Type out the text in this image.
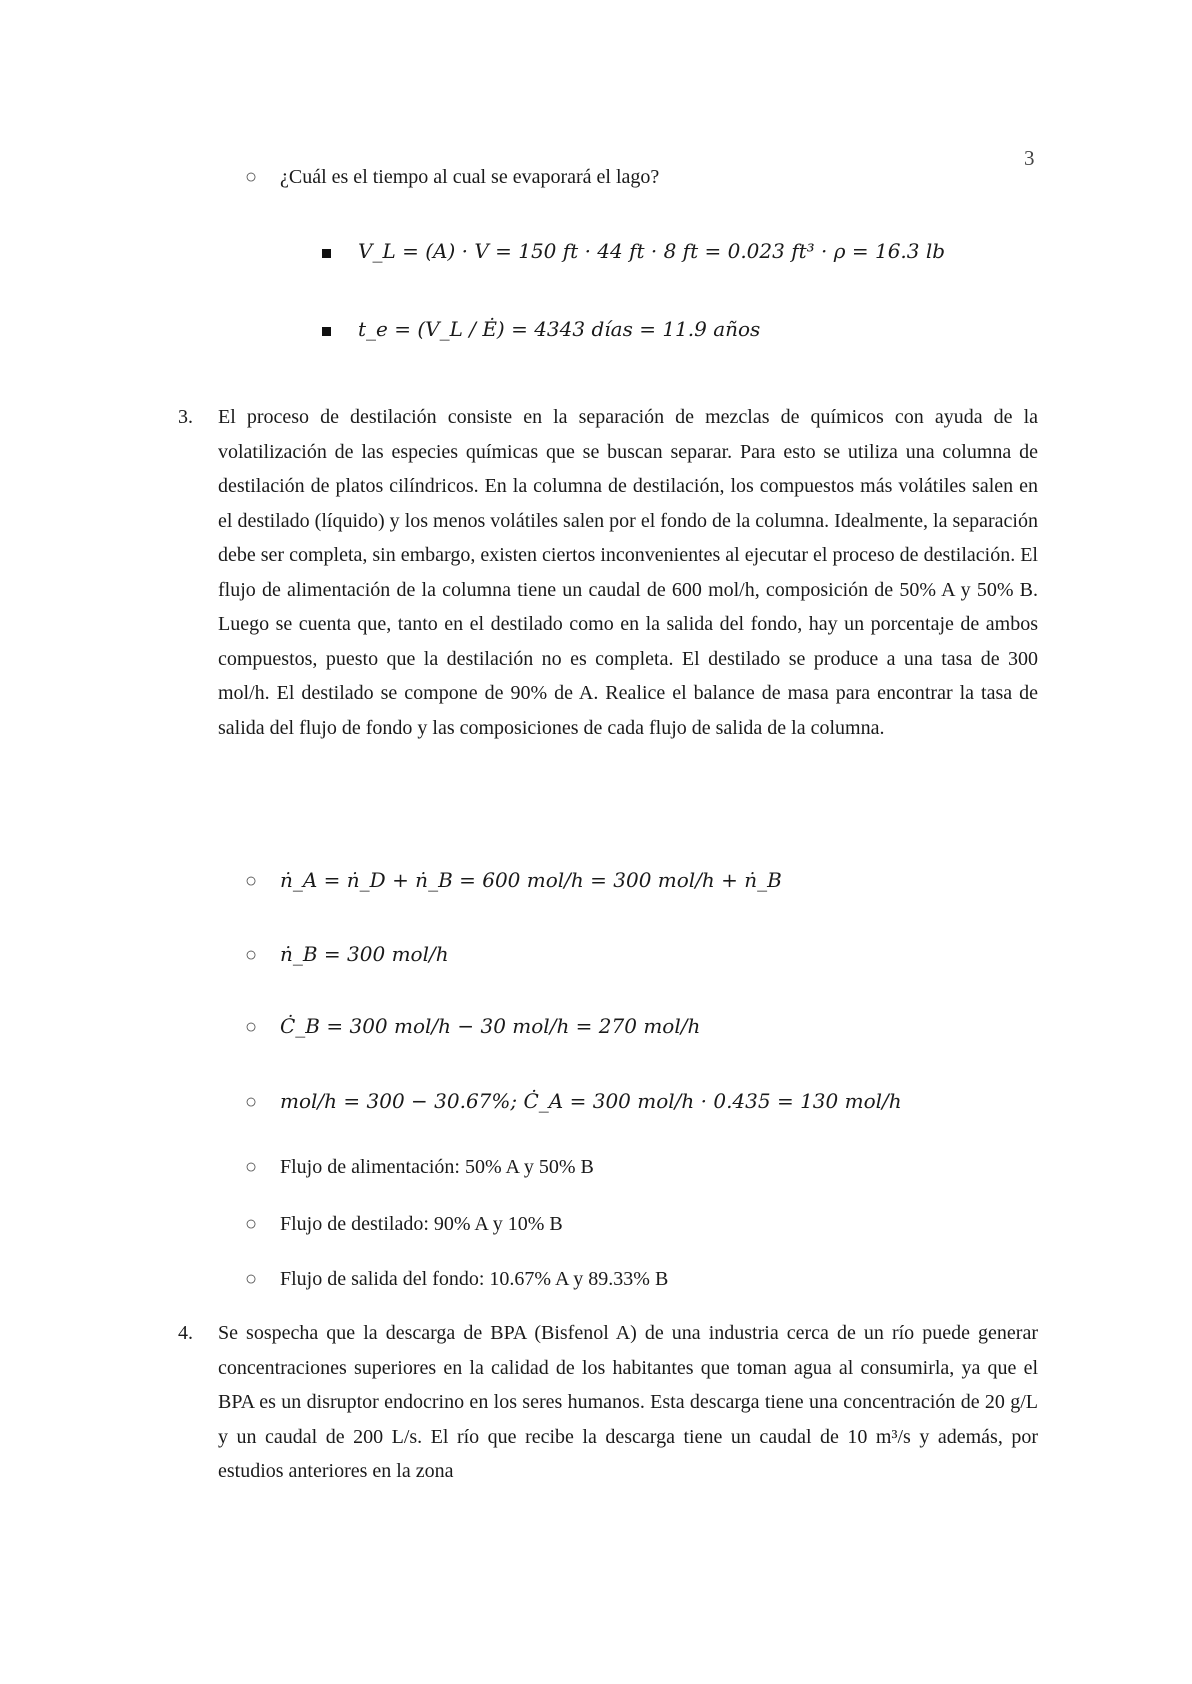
3
○ ¿Cuál es el tiempo al cual se evaporará el lago?
V_L = (A) · V = 150 ft · 44 ft · 8 ft = 0.023 ft³ · ρ = 16.3 lb
t_e = (V_L / Ė) = 4343 días = 11.9 años
3. El proceso de destilación consiste en la separación de mezclas de químicos con ayuda de la volatilización de las especies químicas que se buscan separar. Para esto se utiliza una columna de destilación de platos cilíndricos. En la columna de destilación, los compuestos más volátiles salen en el destilado (líquido) y los menos volátiles salen por el fondo de la columna. Idealmente, la separación debe ser completa, sin embargo, existen ciertos inconvenientes al ejecutar el proceso de destilación. El flujo de alimentación de la columna tiene un caudal de 600 mol/h, composición de 50% A y 50% B. Luego se cuenta que, tanto en el destilado como en la salida del fondo, hay un porcentaje de ambos compuestos, puesto que la destilación no es completa. El destilado se produce a una tasa de 300 mol/h. El destilado se compone de 90% de A. Realice el balance de masa para encontrar la tasa de salida del flujo de fondo y las composiciones de cada flujo de salida de la columna.
○ ṅ_A = ṅ_D + ṅ_B = 600 mol/h = 300 mol/h + ṅ_B
○ ṅ_B = 300 mol/h
○ Ċ_B = 300 mol/h − 30 mol/h = 270 mol/h
○ mol/h = 300 − 30.67%; Ċ_A = 300 mol/h · 0.435 = 130 mol/h
○ Flujo de alimentación: 50% A y 50% B
○ Flujo de destilado: 90% A y 10% B
○ Flujo de salida del fondo: 10.67% A y 89.33% B
4. Se sospecha que la descarga de BPA (Bisfenol A) de una industria cerca de un río puede generar concentraciones superiores en la calidad de los habitantes que toman agua al consumirla, ya que el BPA es un disruptor endocrino en los seres humanos. Esta descarga tiene una concentración de 20 g/L y un caudal de 200 L/s. El río que recibe la descarga tiene un caudal de 10 m³/s y además, por estudios anteriores en la zona
